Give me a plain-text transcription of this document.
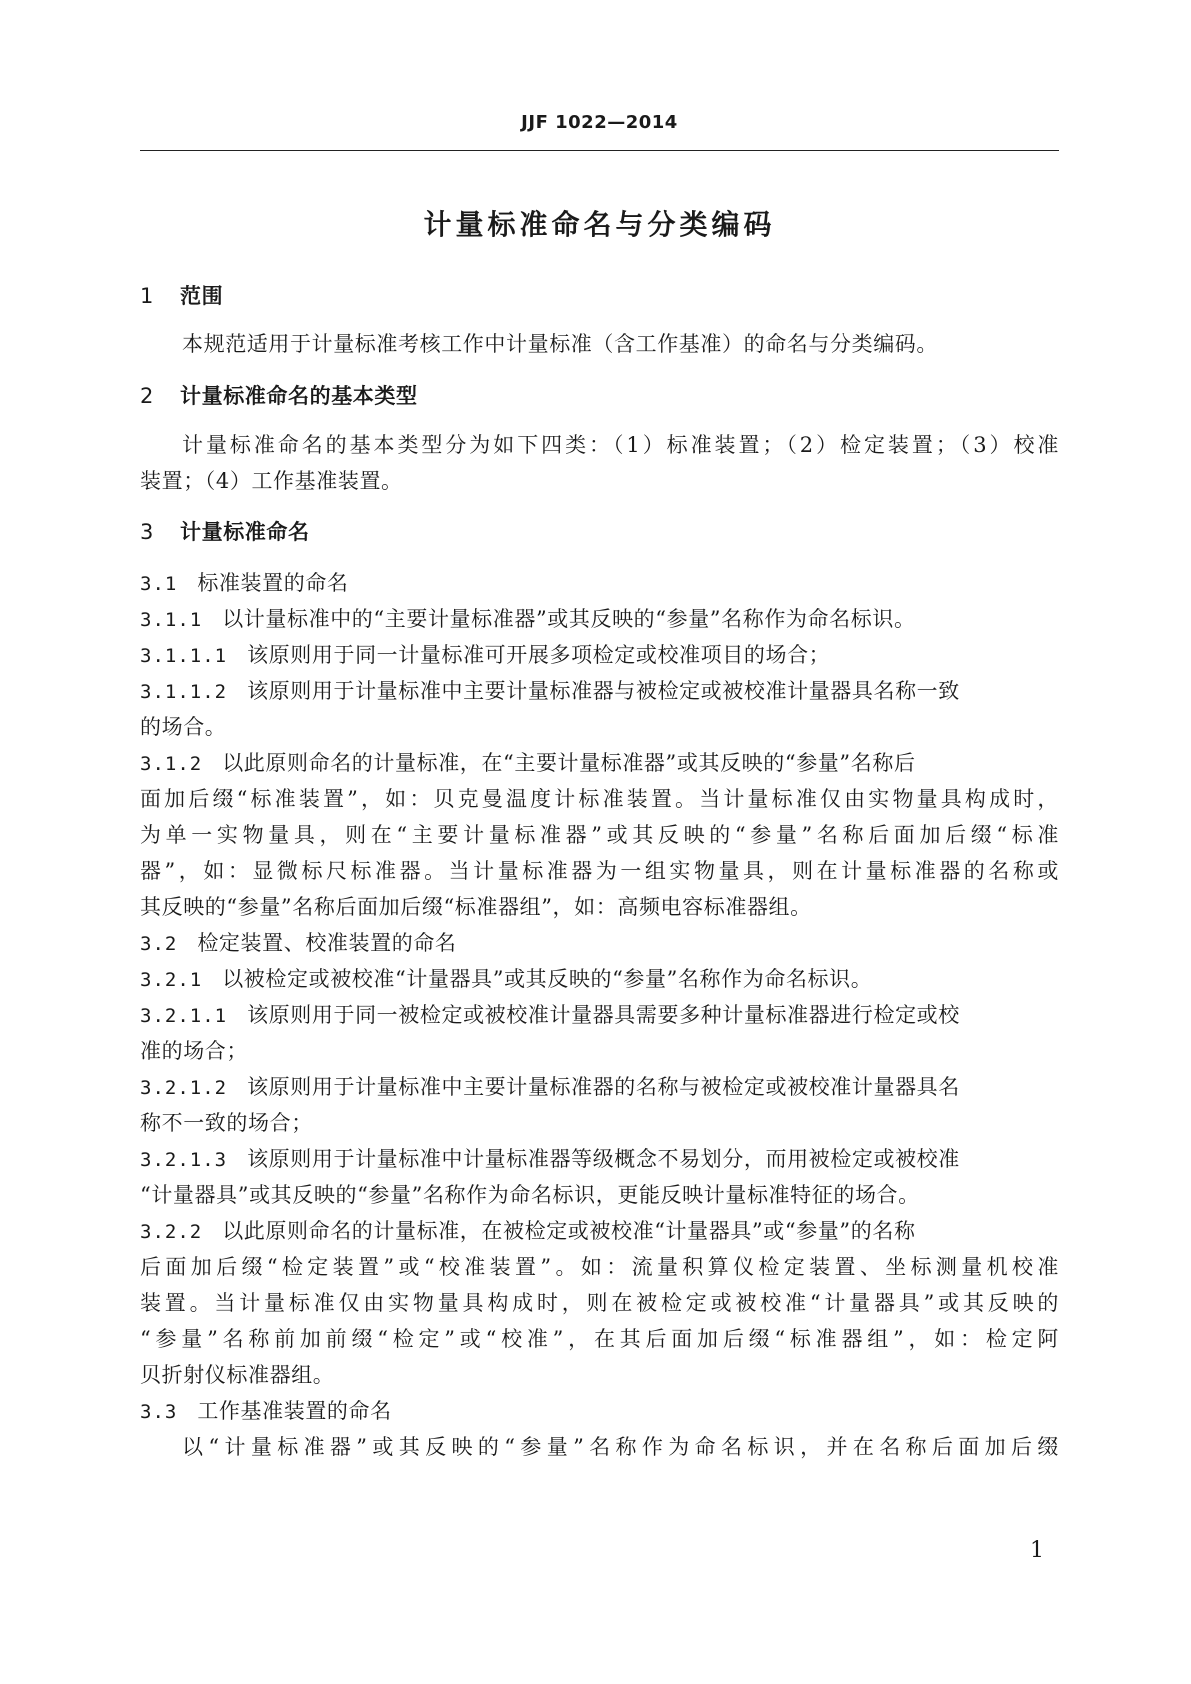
JJF 1022—2014
计量标准命名与分类编码
1 范围
本规范适用于计量标准考核工作中计量标准（含工作基准）的命名与分类编码。
2 计量标准命名的基本类型
计量标准命名的基本类型分为如下四类：（1）标准装置；（2）检定装置；（3）校准
装置；（4）工作基准装置。
3 计量标准命名
3.1 标准装置的命名
3.1.1 以计量标准中的“主要计量标准器”或其反映的“参量”名称作为命名标识。
3.1.1.1 该原则用于同一计量标准可开展多项检定或校准项目的场合；
3.1.1.2 该原则用于计量标准中主要计量标准器与被检定或被校准计量器具名称一致
的场合。
3.1.2 以此原则命名的计量标准，在“主要计量标准器”或其反映的“参量”名称后
面加后缀“标准装置”，如：贝克曼温度计标准装置。当计量标准仅由实物量具构成时，
为单一实物量具，则在“主要计量标准器”或其反映的“参量”名称后面加后缀“标准
器”，如：显微标尺标准器。当计量标准器为一组实物量具，则在计量标准器的名称或
其反映的“参量”名称后面加后缀“标准器组”，如：高频电容标准器组。
3.2 检定装置、校准装置的命名
3.2.1 以被检定或被校准“计量器具”或其反映的“参量”名称作为命名标识。
3.2.1.1 该原则用于同一被检定或被校准计量器具需要多种计量标准器进行检定或校
准的场合；
3.2.1.2 该原则用于计量标准中主要计量标准器的名称与被检定或被校准计量器具名
称不一致的场合；
3.2.1.3 该原则用于计量标准中计量标准器等级概念不易划分，而用被检定或被校准
“计量器具”或其反映的“参量”名称作为命名标识，更能反映计量标准特征的场合。
3.2.2 以此原则命名的计量标准，在被检定或被校准“计量器具”或“参量”的名称
后面加后缀“检定装置”或“校准装置”。如：流量积算仪检定装置、坐标测量机校准
装置。当计量标准仅由实物量具构成时，则在被检定或被校准“计量器具”或其反映的
“参量”名称前加前缀“检定”或“校准”，在其后面加后缀“标准器组”，如：检定阿
贝折射仪标准器组。
3.3 工作基准装置的命名
以“计量标准器”或其反映的“参量”名称作为命名标识，并在名称后面加后缀
1
